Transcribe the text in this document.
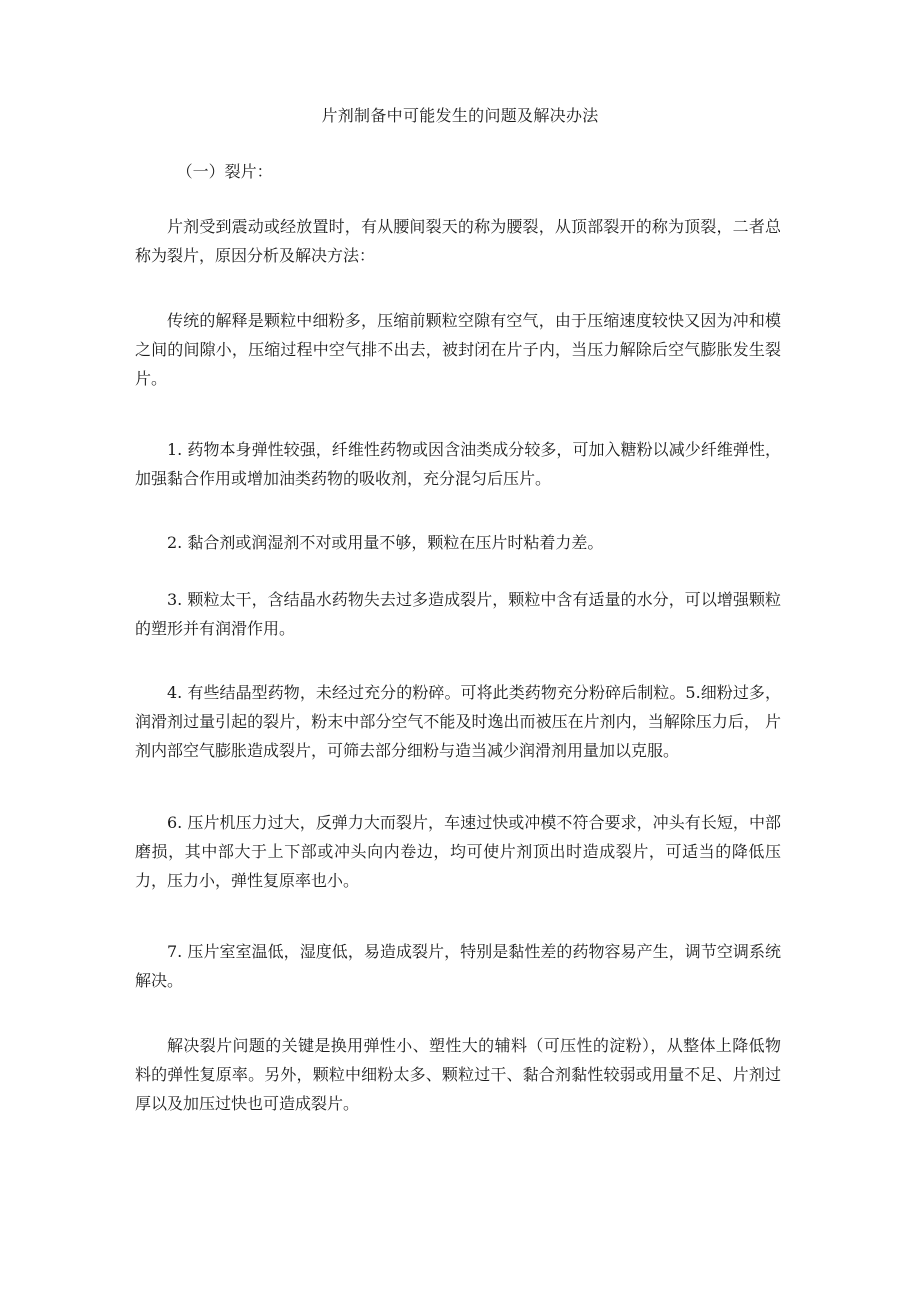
片剂制备中可能发生的问题及解决办法

（一）裂片：

片剂受到震动或经放置时，有从腰间裂天的称为腰裂，从顶部裂开的称为顶裂，二者总称为裂片，原因分析及解决方法：

传统的解释是颗粒中细粉多，压缩前颗粒空隙有空气，由于压缩速度较快又因为冲和模之间的间隙小，压缩过程中空气排不出去，被封闭在片子内，当压力解除后空气膨胀发生裂片。

1. 药物本身弹性较强，纤维性药物或因含油类成分较多，可加入糖粉以减少纤维弹性， 加强黏合作用或增加油类药物的吸收剂，充分混匀后压片。

2. 黏合剂或润湿剂不对或用量不够，颗粒在压片时粘着力差。

3. 颗粒太干，含结晶水药物失去过多造成裂片，颗粒中含有适量的水分，可以增强颗粒的塑形并有润滑作用。

4. 有些结晶型药物，未经过充分的粉碎。可将此类药物充分粉碎后制粒。5.细粉过多，润滑剂过量引起的裂片，粉末中部分空气不能及时逸出而被压在片剂内，当解除压力后， 片剂内部空气膨胀造成裂片，可筛去部分细粉与造当减少润滑剂用量加以克服。

6. 压片机压力过大，反弹力大而裂片，车速过快或冲模不符合要求，冲头有长短，中部磨损，其中部大于上下部或冲头向内卷边，均可使片剂顶出时造成裂片，可适当的降低压力，压力小，弹性复原率也小。

7. 压片室室温低，湿度低，易造成裂片，特别是黏性差的药物容易产生，调节空调系统解决。

解决裂片问题的关键是换用弹性小、塑性大的辅料（可压性的淀粉），从整体上降低物料的弹性复原率。另外，颗粒中细粉太多、颗粒过干、黏合剂黏性较弱或用量不足、片剂过厚以及加压过快也可造成裂片。
